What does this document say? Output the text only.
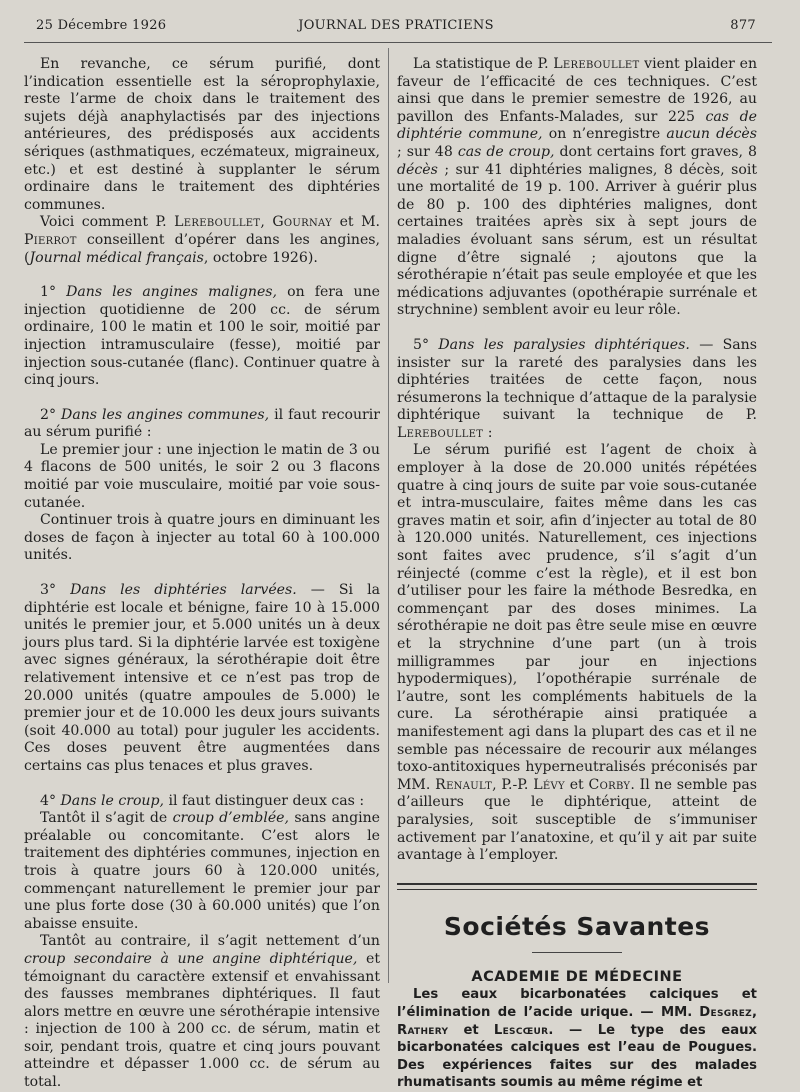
25 Décembre 1926	JOURNAL DES PRATICIENS	877

En revanche, ce sérum purifié, dont l’indication essentielle est la séroprophylaxie, reste l’arme de choix dans le traitement des sujets déjà anaphylactisés par des injections antérieures, des prédisposés aux accidents sériques (asthmatiques, eczémateux, migraineux, etc.) et est destiné à supplanter le sérum ordinaire dans le traitement des diphtéries communes.

Voici comment P. Lereboullet, Gournay et M. Pierrot conseillent d’opérer dans les angines, (Journal médical français, octobre 1926).

1° Dans les angines malignes, on fera une injection quotidienne de 200 cc. de sérum ordinaire, 100 le matin et 100 le soir, moitié par injection intramusculaire (fesse), moitié par injection sous-cutanée (flanc). Continuer quatre à cinq jours.

2° Dans les angines communes, il faut recourir au sérum purifié :

Le premier jour : une injection le matin de 3 ou 4 flacons de 500 unités, le soir 2 ou 3 flacons moitié par voie musculaire, moitié par voie sous-cutanée.

Continuer trois à quatre jours en diminuant les doses de façon à injecter au total 60 à 100.000 unités.

3° Dans les diphtéries larvées. — Si la diphtérie est locale et bénigne, faire 10 à 15.000 unités le premier jour, et 5.000 unités un à deux jours plus tard. Si la diphtérie larvée est toxigène avec signes généraux, la sérothérapie doit être relativement intensive et ce n’est pas trop de 20.000 unités (quatre ampoules de 5.000) le premier jour et de 10.000 les deux jours suivants (soit 40.000 au total) pour juguler les accidents. Ces doses peuvent être augmentées dans certains cas plus tenaces et plus graves.

4° Dans le croup, il faut distinguer deux cas :

Tantôt il s’agit de croup d’emblée, sans angine préalable ou concomitante. C’est alors le traitement des diphtéries communes, injection en trois à quatre jours 60 à 120.000 unités, commençant naturellement le premier jour par une plus forte dose (30 à 60.000 unités) que l’on abaisse ensuite.

Tantôt au contraire, il s’agit nettement d’un croup secondaire à une angine diphtérique, et témoignant du caractère extensif et envahissant des fausses membranes diphtériques. Il faut alors mettre en œuvre une sérothérapie intensive : injection de 100 à 200 cc. de sérum, matin et soir, pendant trois, quatre et cinq jours pouvant atteindre et dépasser 1.000 cc. de sérum au total.

La statistique de P. Lereboullet vient plaider en faveur de l’efficacité de ces techniques. C’est ainsi que dans le premier semestre de 1926, au pavillon des Enfants-Malades, sur 225 cas de diphtérie commune, on n’enregistre aucun décès ; sur 48 cas de croup, dont certains fort graves, 8 décès ; sur 41 diphtéries malignes, 8 décès, soit une mortalité de 19 p. 100. Arriver à guérir plus de 80 p. 100 des diphtéries malignes, dont certaines traitées après six à sept jours de maladies évoluant sans sérum, est un résultat digne d’être signalé ; ajoutons que la sérothérapie n’était pas seule employée et que les médications adjuvantes (opothérapie surrénale et strychnine) semblent avoir eu leur rôle.

5° Dans les paralysies diphtériques. — Sans insister sur la rareté des paralysies dans les diphtéries traitées de cette façon, nous résumerons la technique d’attaque de la paralysie diphtérique suivant la technique de P. Lereboullet :

Le sérum purifié est l’agent de choix à employer à la dose de 20.000 unités répétées quatre à cinq jours de suite par voie sous-cutanée et intra-musculaire, faites même dans les cas graves matin et soir, afin d’injecter au total de 80 à 120.000 unités. Naturellement, ces injections sont faites avec prudence, s’il s’agit d’un réinjecté (comme c’est la règle), et il est bon d’utiliser pour les faire la méthode Besredka, en commençant par des doses minimes. La sérothérapie ne doit pas être seule mise en œuvre et la strychnine d’une part (un à trois milligrammes par jour en injections hypodermiques), l’opothérapie surrénale de l’autre, sont les compléments habituels de la cure. La sérothérapie ainsi pratiquée a manifestement agi dans la plupart des cas et il ne semble pas nécessaire de recourir aux mélanges toxo-antitoxiques hyperneutralisés préconisés par MM. Renault, P.-P. Lévy et Corby. Il ne semble pas d’ailleurs que le diphtérique, atteint de paralysies, soit susceptible de s’immuniser activement par l’anatoxine, et qu’il y ait par suite avantage à l’employer.

Sociétés Savantes
ACADEMIE DE MÉDECINE

Les eaux bicarbonatées calciques et l’élimination de l’acide urique. — MM. Desgrez, Rathery et Lescœur. — Le type des eaux bicarbonatées calciques est l’eau de Pougues. Des expériences faites sur des malades rhumatisants soumis au même régime et
